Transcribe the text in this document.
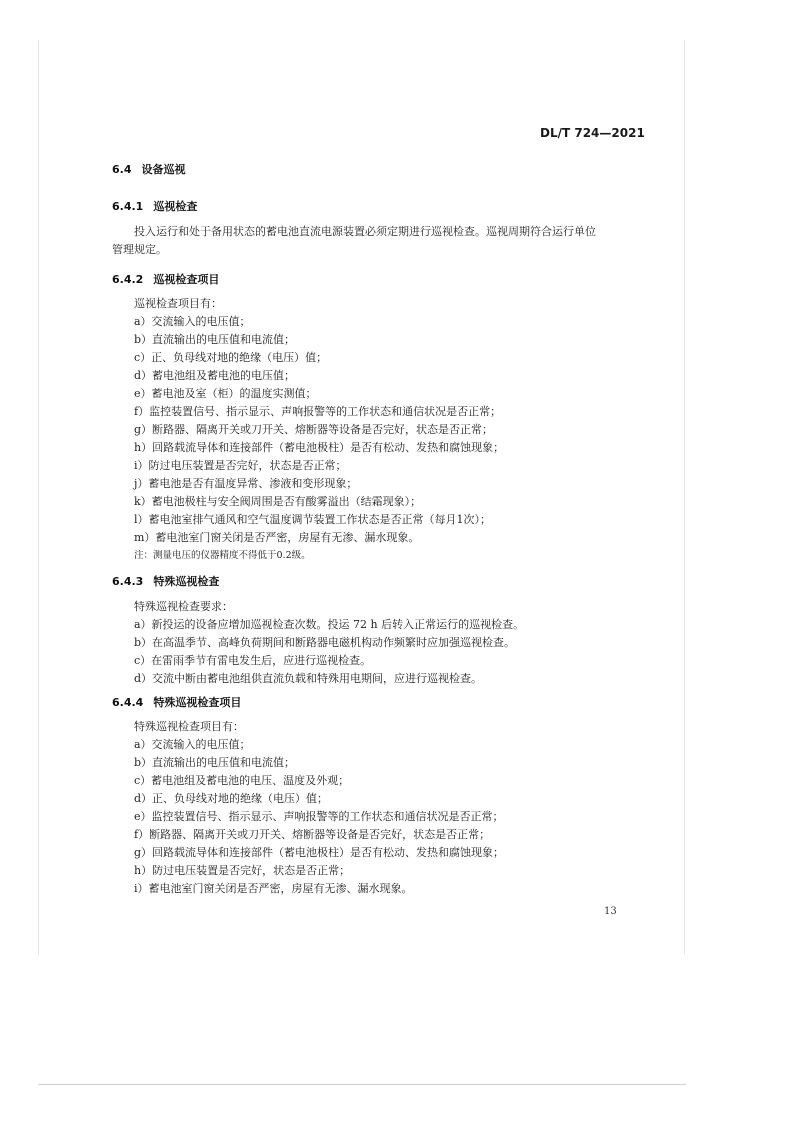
DL/T 724—2021
6.4 设备巡视
6.4.1 巡视检查
投入运行和处于备用状态的蓄电池直流电源装置必须定期进行巡视检查。巡视周期符合运行单位
管理规定。
6.4.2 巡视检查项目
巡视检查项目有：
a）交流输入的电压值；
b）直流输出的电压值和电流值；
c）正、负母线对地的绝缘（电压）值；
d）蓄电池组及蓄电池的电压值；
e）蓄电池及室（柜）的温度实测值；
f）监控装置信号、指示显示、声响报警等的工作状态和通信状况是否正常；
g）断路器、隔离开关或刀开关、熔断器等设备是否完好，状态是否正常；
h）回路载流导体和连接部件（蓄电池极柱）是否有松动、发热和腐蚀现象；
i）防过电压装置是否完好，状态是否正常；
j）蓄电池是否有温度异常、渗液和变形现象；
k）蓄电池极柱与安全阀周围是否有酸雾溢出（结霜现象）；
l）蓄电池室排气通风和空气温度调节装置工作状态是否正常（每月1次）；
m）蓄电池室门窗关闭是否严密，房屋有无渗、漏水现象。
注：测量电压的仪器精度不得低于0.2级。
6.4.3 特殊巡视检查
特殊巡视检查要求：
a）新投运的设备应增加巡视检查次数。投运 72 h 后转入正常运行的巡视检查。
b）在高温季节、高峰负荷期间和断路器电磁机构动作频繁时应加强巡视检查。
c）在雷雨季节有雷电发生后，应进行巡视检查。
d）交流中断由蓄电池组供直流负载和特殊用电期间，应进行巡视检查。
6.4.4 特殊巡视检查项目
特殊巡视检查项目有：
a）交流输入的电压值；
b）直流输出的电压值和电流值；
c）蓄电池组及蓄电池的电压、温度及外观；
d）正、负母线对地的绝缘（电压）值；
e）监控装置信号、指示显示、声响报警等的工作状态和通信状况是否正常；
f）断路器、隔离开关或刀开关、熔断器等设备是否完好，状态是否正常；
g）回路载流导体和连接部件（蓄电池极柱）是否有松动、发热和腐蚀现象；
h）防过电压装置是否完好，状态是否正常；
i）蓄电池室门窗关闭是否严密，房屋有无渗、漏水现象。
13
